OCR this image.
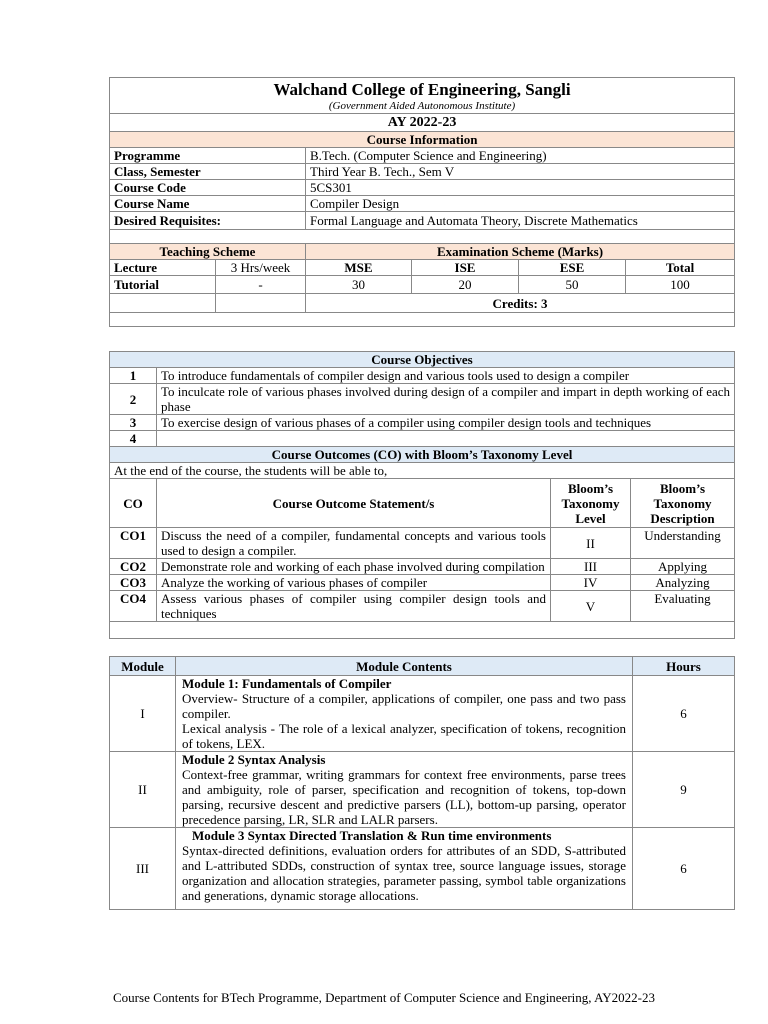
Walchand College of Engineering, Sangli
(Government Aided Autonomous Institute)					

AY 2022-23					
Course Information					
Programme		B.Tech. (Computer Science and Engineering)			
Class, Semester		Third Year B. Tech., Sem V			
Course Code		5CS301			
Course Name		Compiler Design			
Desired Requisites:		Formal Language and Automata Theory, Discrete Mathematics			

Teaching Scheme		Examination Scheme (Marks)			
Lecture	3 Hrs/week	MSE	ISE	ESE	Total
Tutorial	-	30	20	50	100
		Credits: 3			

Course Objectives			
1	To introduce fundamentals of compiler design and various tools used to design a compiler		
2	To inculcate role of various phases involved during design of a compiler and impart in depth working of each phase		
3	To exercise design of various phases of a compiler using compiler design tools and techniques		
4			
Course Outcomes (CO) with Bloom’s Taxonomy Level			
At the end of the course, the students will be able to,			
CO	Course Outcome Statement/s	Bloom’s Taxonomy Level	Bloom’s Taxonomy Description
CO1	Discuss the need of a compiler, fundamental concepts and various tools used to design a compiler.	II	Understanding
CO2	Demonstrate role and working of each phase involved during compilation	III	Applying
CO3	Analyze the working of various phases of compiler	IV	Analyzing
CO4	Assess various phases of compiler using compiler design tools and techniques	V	Evaluating

Module	Module Contents	Hours
I	Module 1: Fundamentals of Compiler
Overview- Structure of a compiler, applications of compiler, one pass and two pass compiler.
Lexical analysis - The role of a lexical analyzer, specification of tokens, recognition of tokens, LEX.	6
II	Module 2 Syntax Analysis
Context-free grammar, writing grammars for context free environments, parse trees and ambiguity, role of parser, specification and recognition of tokens, top-down parsing, recursive descent and predictive parsers (LL), bottom-up parsing, operator precedence parsing, LR, SLR and LALR parsers.	9
III	Module 3 Syntax Directed Translation & Run time environments
Syntax-directed definitions, evaluation orders for attributes of an SDD, S-attributed and L-attributed SDDs, construction of syntax tree, source language issues, storage organization and allocation strategies, parameter passing, symbol table organizations and generations, dynamic storage allocations.	6
Course Contents for BTech Programme, Department of Computer Science and Engineering, AY2022-23
